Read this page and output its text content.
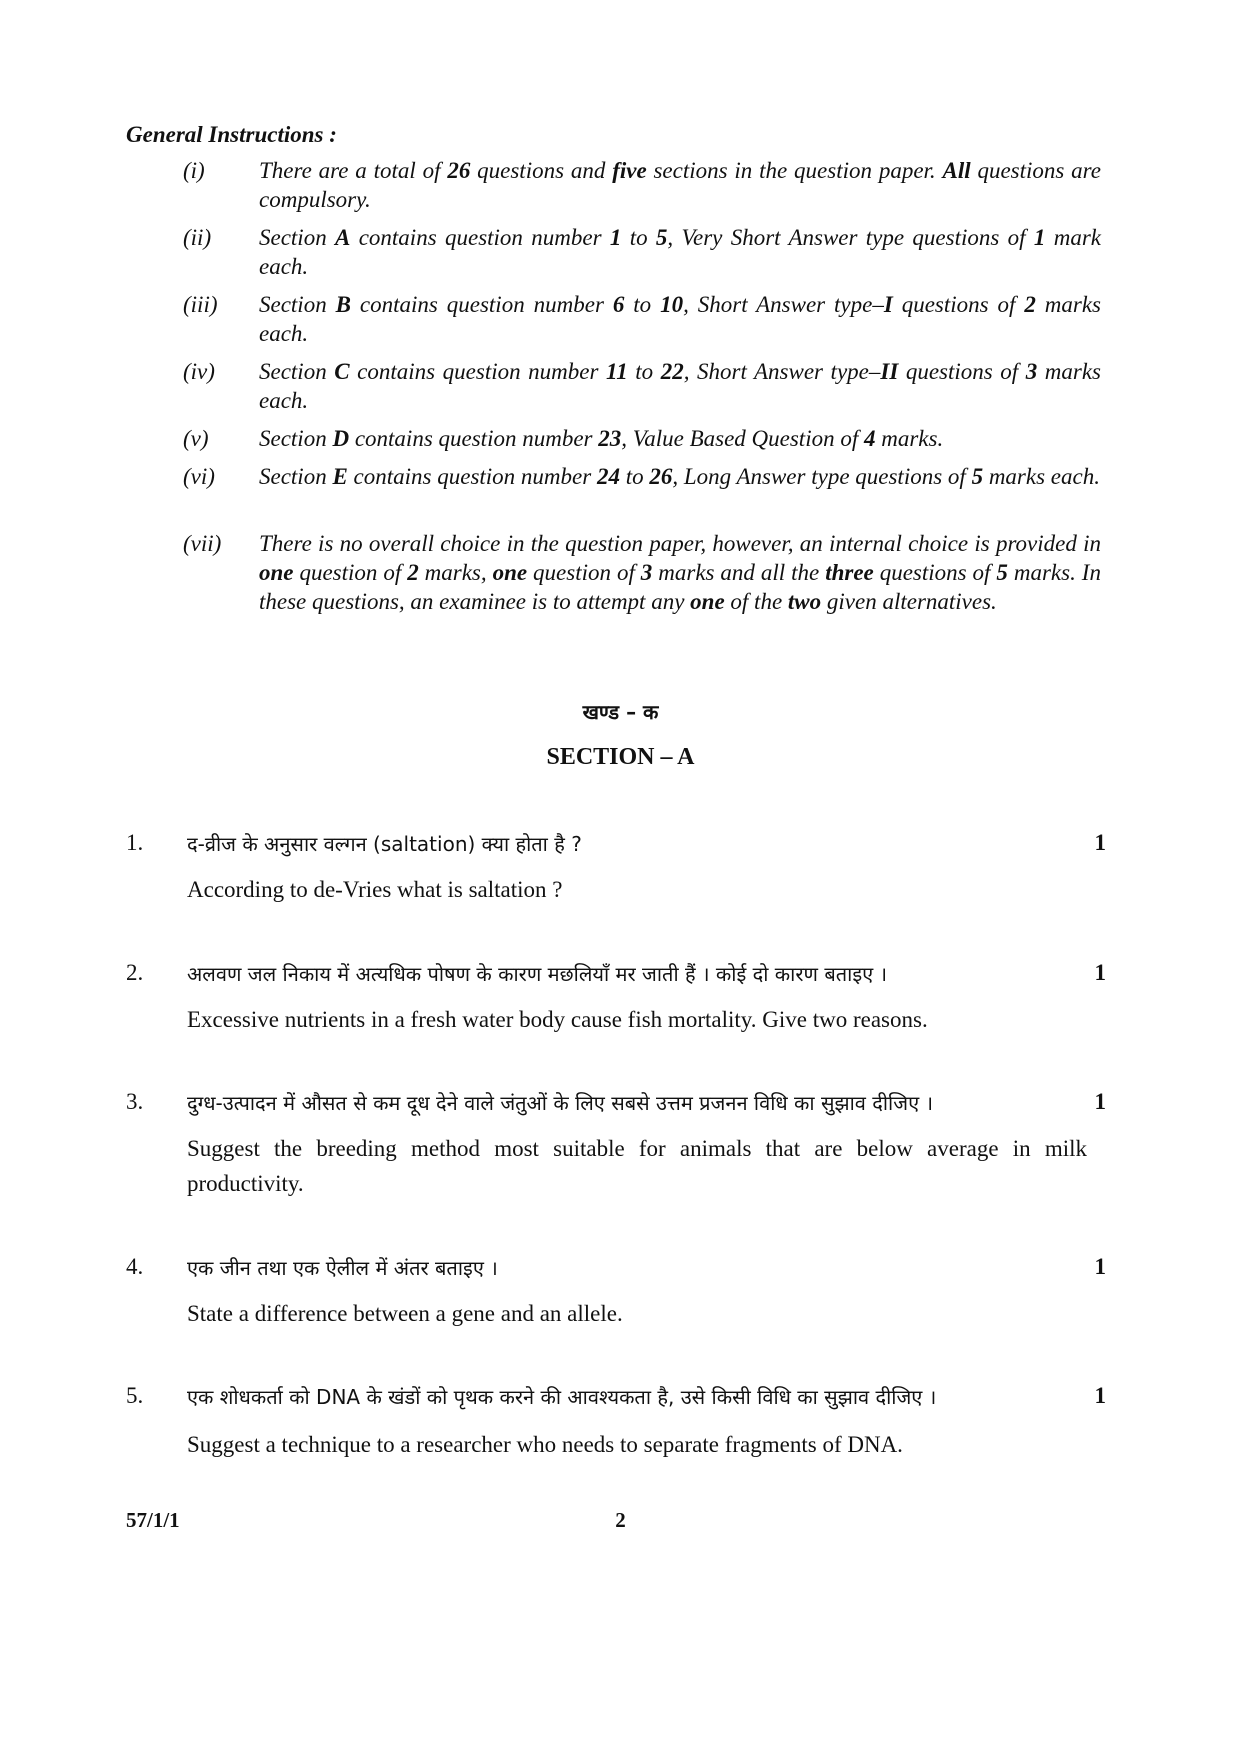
General Instructions :
(i)	There are a total of 26 questions and five sections in the question paper. All questions are compulsory.
(ii)	Section A contains question number 1 to 5, Very Short Answer type questions of 1 mark each.
(iii)	Section B contains question number 6 to 10, Short Answer type–I questions of 2 marks each.
(iv)	Section C contains question number 11 to 22, Short Answer type–II questions of 3 marks each.
(v)	Section D contains question number 23, Value Based Question of 4 marks.
(vi)	Section E contains question number 24 to 26, Long Answer type questions of 5 marks each.
(vii)	There is no overall choice in the question paper, however, an internal choice is provided in one question of 2 marks, one question of 3 marks and all the three questions of 5 marks. In these questions, an examinee is to attempt any one of the two given alternatives.
खण्ड – क
SECTION – A
1. द-व्रीज के अनुसार वल्गन (saltation) क्या होता है ?	1
According to de-Vries what is saltation ?
2. अलवण जल निकाय में अत्यधिक पोषण के कारण मछलियाँ मर जाती हैं । कोई दो कारण बताइए ।	1
Excessive nutrients in a fresh water body cause fish mortality. Give two reasons.
3. दुग्ध-उत्पादन में औसत से कम दूध देने वाले जंतुओं के लिए सबसे उत्तम प्रजनन विधि का सुझाव दीजिए ।	1
Suggest the breeding method most suitable for animals that are below average in milk productivity.
4. एक जीन तथा एक ऐलील में अंतर बताइए ।	1
State a difference between a gene and an allele.
5. एक शोधकर्ता को DNA के खंडों को पृथक करने की आवश्यकता है, उसे किसी विधि का सुझाव दीजिए ।	1
Suggest a technique to a researcher who needs to separate fragments of DNA.
57/1/1	2
